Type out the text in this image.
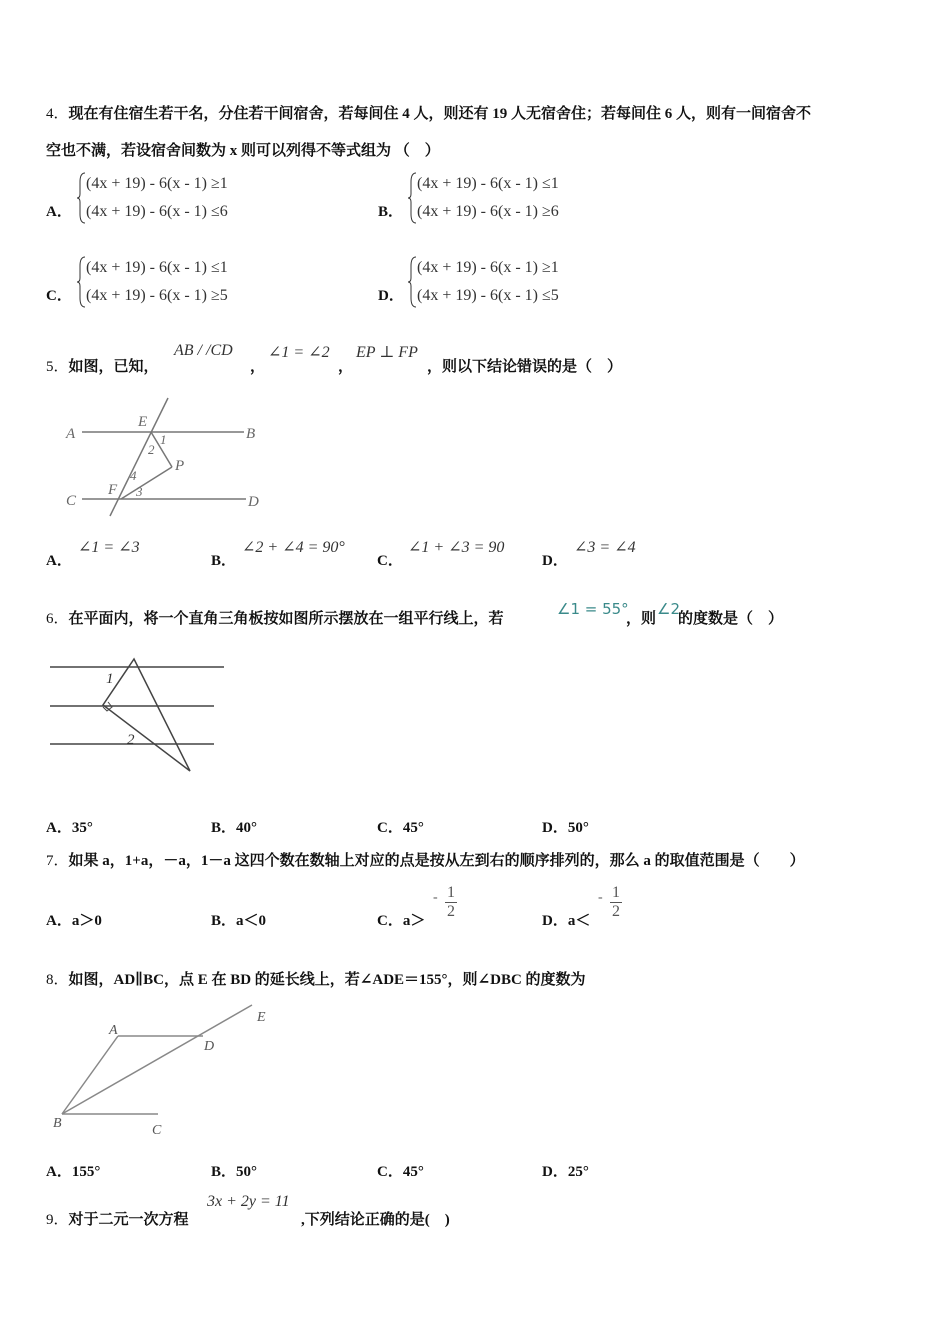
4．现在有住宿生若干名，分住若干间宿舍，若每间住 4 人，则还有 19 人无宿舍住；若每间住 6 人，则有一间宿舍不
空也不满，若设宿舍间数为 x 则可以列得不等式组为 （　）
A．
(4x + 19) - 6(x - 1) ≥1
(4x + 19) - 6(x - 1) ≤6	B．
(4x + 19) - 6(x - 1) ≤1
(4x + 19) - 6(x - 1) ≥6
C．
(4x + 19) - 6(x - 1) ≤1
(4x + 19) - 6(x - 1) ≥5	D．
(4x + 19) - 6(x - 1) ≥1
(4x + 19) - 6(x - 1) ≤5
5．如图，已知，
AB / /CD
，
∠1 = ∠2
，
EP ⊥ FP
，则以下结论错误的是（　）
A	B
C	D
E
F
P
1
2
3
4
A．
∠1 = ∠3
B．
∠2 + ∠4 = 90°
C．
∠1 + ∠3 = 90
D．
∠3 = ∠4
6．在平面内，将一个直角三角板按如图所示摆放在一组平行线上，若
∠1 = 55°
，则
∠2
的度数是（　）
1
2
A．35°	B．40°	C．45°	D．50°
7．如果 a，1+a，－a，1－a 这四个数在数轴上对应的点是按从左到右的顺序排列的，那么 a 的取值范围是（　　）
A．a＞0	B．a＜0	C．a＞
- 1
2
D．a＜
- 1
2
8．如图，AD∥BC，点 E 在 BD 的延长线上，若∠ADE＝155°，则∠DBC 的度数为
A
B	C
D
E
A．155°	B．50°	C．45°	D．25°
9．对于二元一次方程
3x + 2y = 11
,下列结论正确的是(　)
